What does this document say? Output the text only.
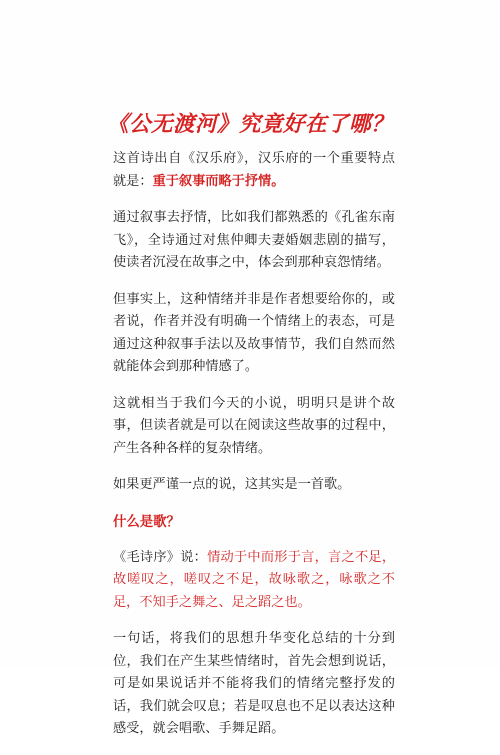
《公无渡河》究竟好在了哪？

这首诗出自《汉乐府》，汉乐府的一个重要特点就是：重于叙事而略于抒情。

通过叙事去抒情，比如我们都熟悉的《孔雀东南飞》，全诗通过对焦仲卿夫妻婚姻悲剧的描写，使读者沉浸在故事之中，体会到那种哀怨情绪。

但事实上，这种情绪并非是作者想要给你的，或者说，作者并没有明确一个情绪上的表态，可是通过这种叙事手法以及故事情节，我们自然而然就能体会到那种情感了。

这就相当于我们今天的小说，明明只是讲个故事，但读者就是可以在阅读这些故事的过程中，产生各种各样的复杂情绪。

如果更严谨一点的说，这其实是一首歌。

什么是歌？

《毛诗序》说：情动于中而形于言，言之不足，故嗟叹之，嗟叹之不足，故咏歌之，咏歌之不足，不知手之舞之、足之蹈之也。

一句话，将我们的思想升华变化总结的十分到位，我们在产生某些情绪时，首先会想到说话，可是如果说话并不能将我们的情绪完整抒发的话，我们就会叹息；若是叹息也不足以表达这种感受，就会唱歌、手舞足蹈。
